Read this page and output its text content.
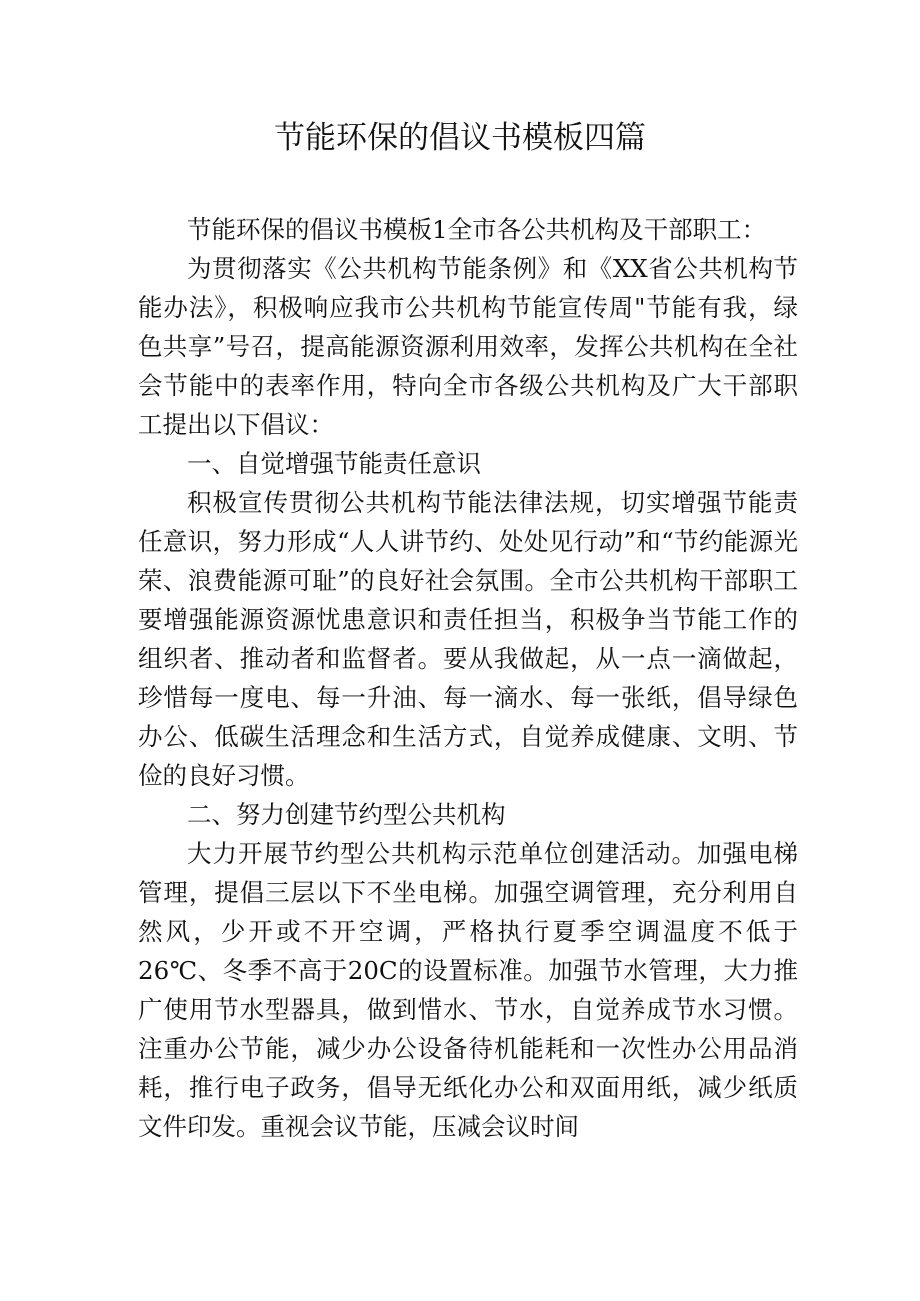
节能环保的倡议书模板四篇

节能环保的倡议书模板1全市各公共机构及干部职工：

为贯彻落实《公共机构节能条例》和《XX省公共机构节能办法》，积极响应我市公共机构节能宣传周"节能有我，绿色共享”号召，提高能源资源利用效率，发挥公共机构在全社会节能中的表率作用，特向全市各级公共机构及广大干部职工提出以下倡议：

一、自觉增强节能责任意识

积极宣传贯彻公共机构节能法律法规，切实增强节能责任意识，努力形成“人人讲节约、处处见行动”和“节约能源光荣、浪费能源可耻”的良好社会氛围。全市公共机构干部职工要增强能源资源忧患意识和责任担当，积极争当节能工作的组织者、推动者和监督者。要从我做起，从一点一滴做起，珍惜每一度电、每一升油、每一滴水、每一张纸，倡导绿色办公、低碳生活理念和生活方式，自觉养成健康、文明、节俭的良好习惯。

二、努力创建节约型公共机构

大力开展节约型公共机构示范单位创建活动。加强电梯管理，提倡三层以下不坐电梯。加强空调管理，充分利用自然风，少开或不开空调，严格执行夏季空调温度不低于26℃、冬季不高于20C的设置标准。加强节水管理，大力推广使用节水型器具，做到惜水、节水，自觉养成节水习惯。注重办公节能，减少办公设备待机能耗和一次性办公用品消耗，推行电子政务，倡导无纸化办公和双面用纸，减少纸质文件印发。重视会议节能，压减会议时间
